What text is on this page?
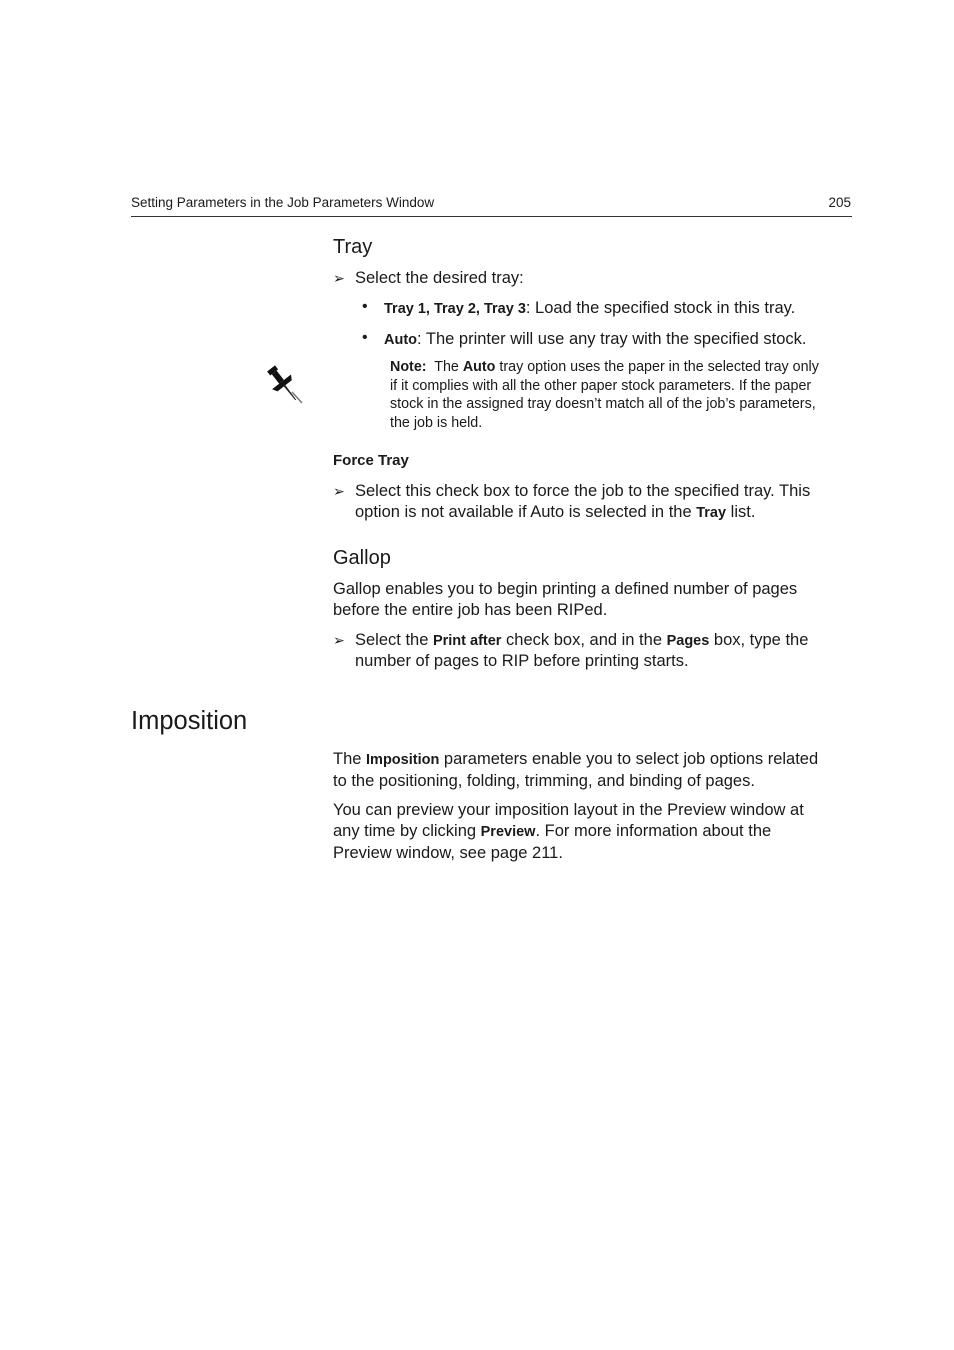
Setting Parameters in the Job Parameters Window	205
Tray
➢ Select the desired tray:
• Tray 1, Tray 2, Tray 3: Load the specified stock in this tray.
• Auto: The printer will use any tray with the specified stock.
Note: The Auto tray option uses the paper in the selected tray only
if it complies with all the other paper stock parameters. If the paper
stock in the assigned tray doesn’t match all of the job’s parameters,
the job is held.
Force Tray
➢ Select this check box to force the job to the specified tray. This
option is not available if Auto is selected in the Tray list.
Gallop
Gallop enables you to begin printing a defined number of pages
before the entire job has been RIPed.
➢ Select the Print after check box, and in the Pages box, type the
number of pages to RIP before printing starts.
Imposition
The Imposition parameters enable you to select job options related
to the positioning, folding, trimming, and binding of pages.
You can preview your imposition layout in the Preview window at
any time by clicking Preview. For more information about the
Preview window, see page 211.
